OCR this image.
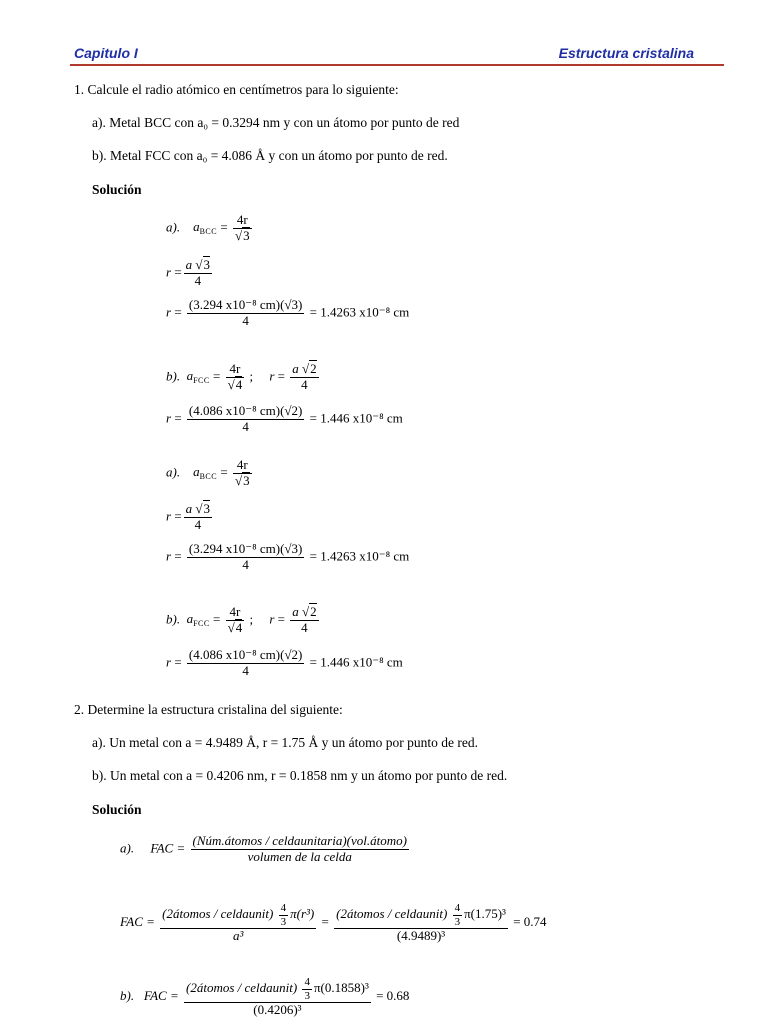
Capitulo I	Estructura cristalina
1. Calcule el radio atómico en centímetros para lo siguiente:
a). Metal BCC con a₀ = 0.3294 nm y con un átomo por punto de red
b). Metal FCC con a₀ = 4.086 Å y con un átomo por punto de red.
Solución
a). $a_{BCC} = \frac{4r}{√3}$
$r = \frac{a √3}{4}$
$r = \frac{\text{(3.294 x10⁻⁸ cm)(√3)}}{4} = 1.4263$ x10⁻⁸ cm
b). $a_{FCC} = \frac{4r}{√4}$ ;     $r = \frac{a √2}{4}$
$r = \frac{\text{(4.086 x10⁻⁸ cm)(√2)}}{4} = 1.446$ x10⁻⁸ cm
a). $a_{BCC} = \frac{4r}{√3}$
$r = \frac{a √3}{4}$
$r = \frac{\text{(3.294 x10⁻⁸ cm)(√3)}}{4} = 1.4263$ x10⁻⁸ cm
b). $a_{FCC} = \frac{4r}{√4}$ ;     $r = \frac{a √2}{4}$
$r = \frac{\text{(4.086 x10⁻⁸ cm)(√2)}}{4} = 1.446$ x10⁻⁸ cm
2. Determine la estructura cristalina del siguiente:
a). Un metal con a = 4.9489 Å, r = 1.75 Å y un átomo por punto de red.
b). Un metal con a = 0.4206 nm, r = 0.1858 nm y un átomo por punto de red.
Solución
a). FAC = $\frac{\text{(Núm.átomos / celdaunitaria)(vol.átomo)}}{\text{volumen de la celda}}$
FAC = $\frac{(2átomos / celdaunit) \frac{4}{3} \pi(r^3)}{\text{a³}} = \frac{(2átomos / celdaunit) \frac{4}{3} \pi(1.75)^3}{\text{(4.9489)³}} = 0.74$
b). FAC = $\frac{(2átomos / celdaunit) \frac{4}{3} \pi(0.1858)^3}{\text{(0.4206)³}} = 0.68$
